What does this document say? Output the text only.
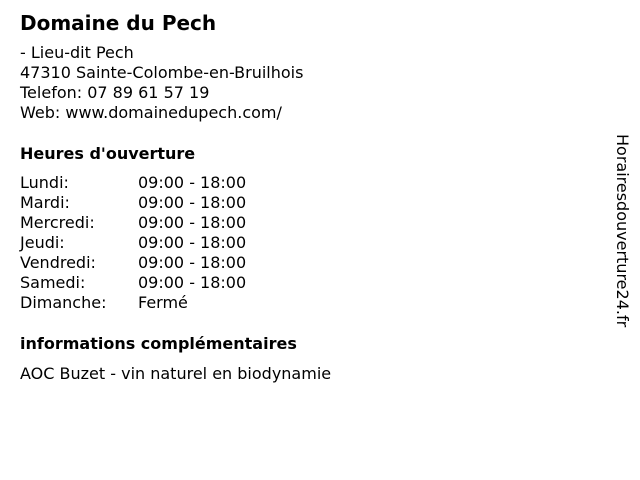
Domaine du Pech
- Lieu-dit Pech
47310 Sainte-Colombe-en-Bruilhois
Telefon: 07 89 61 57 19
Web: www.domainedupech.com/
Heures d'ouverture
Lundi:	09:00 - 18:00
Mardi:	09:00 - 18:00
Mercredi:	09:00 - 18:00
Jeudi:	09:00 - 18:00
Vendredi:	09:00 - 18:00
Samedi:	09:00 - 18:00
Dimanche: Fermé
informations complémentaires
AOC Buzet - vin naturel en biodynamie
Horairesdouverture24.fr
